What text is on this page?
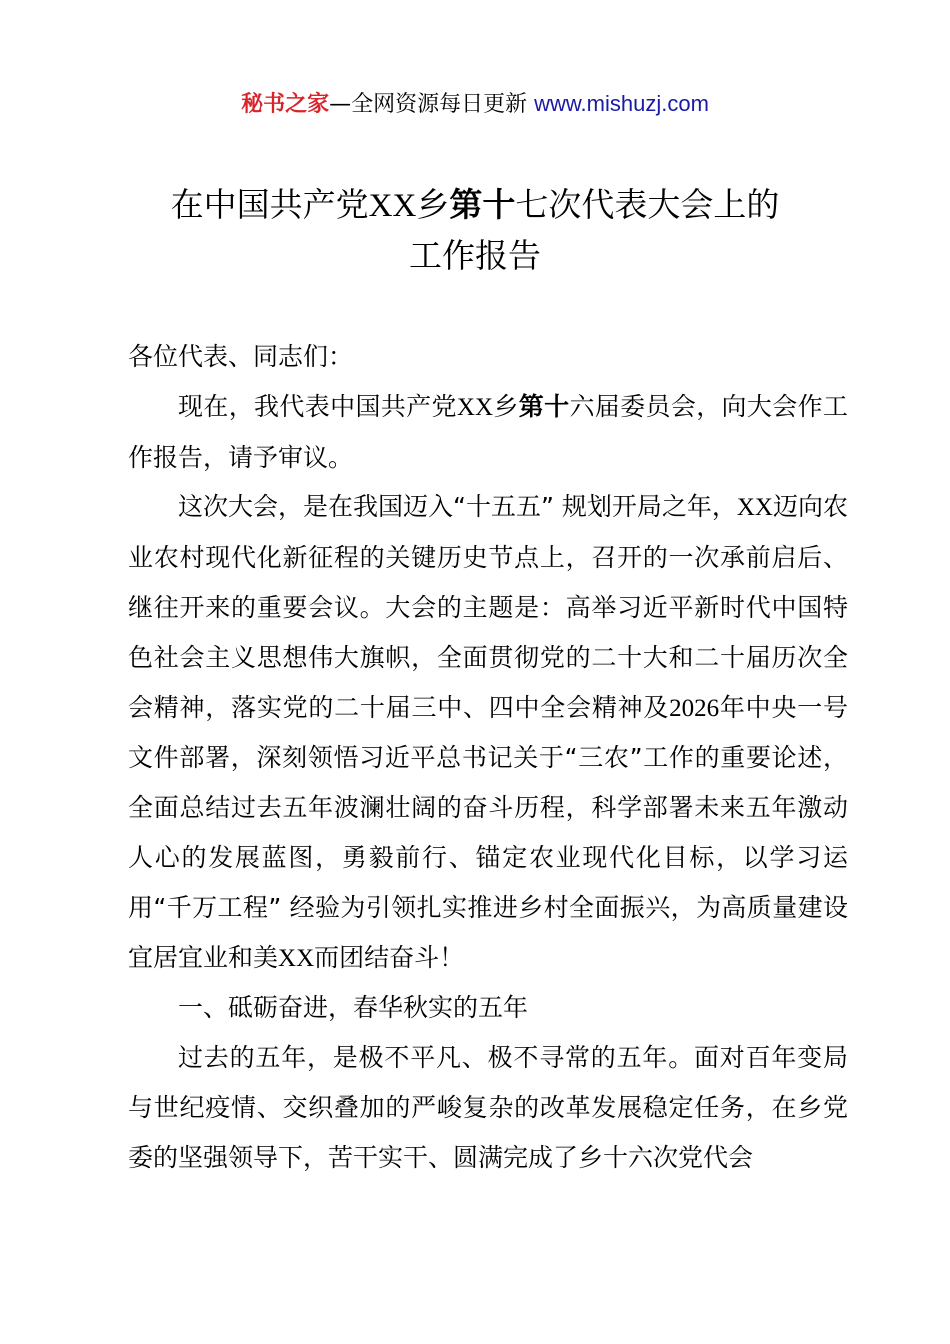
秘书之家—全网资源每日更新 www.mishuzj.com
在中国共产党XX乡第十七次代表大会上的
工作报告

各位代表、同志们：

现在，我代表中国共产党XX乡第十六届委员会，向大会作工作报告，请予审议。

这次大会，是在我国迈入“十五五” 规划开局之年，XX迈向农业农村现代化新征程的关键历史节点上，召开的一次承前启后、继往开来的重要会议。大会的主题是：高举习近平新时代中国特色社会主义思想伟大旗帜，全面贯彻党的二十大和二十届历次全会精神，落实党的二十届三中、四中全会精神及2026年中央一号文件部署，深刻领悟习近平总书记关于“三农”工作的重要论述，全面总结过去五年波澜壮阔的奋斗历程，科学部署未来五年激动人心的发展蓝图，勇毅前行、锚定农业现代化目标，以学习运用“千万工程” 经验为引领扎实推进乡村全面振兴，为高质量建设宜居宜业和美XX而团结奋斗！

一、砥砺奋进，春华秋实的五年

过去的五年，是极不平凡、极不寻常的五年。面对百年变局与世纪疫情、交织叠加的严峻复杂的改革发展稳定任务，在乡党委的坚强领导下，苦干实干、圆满完成了乡十六次党代会
